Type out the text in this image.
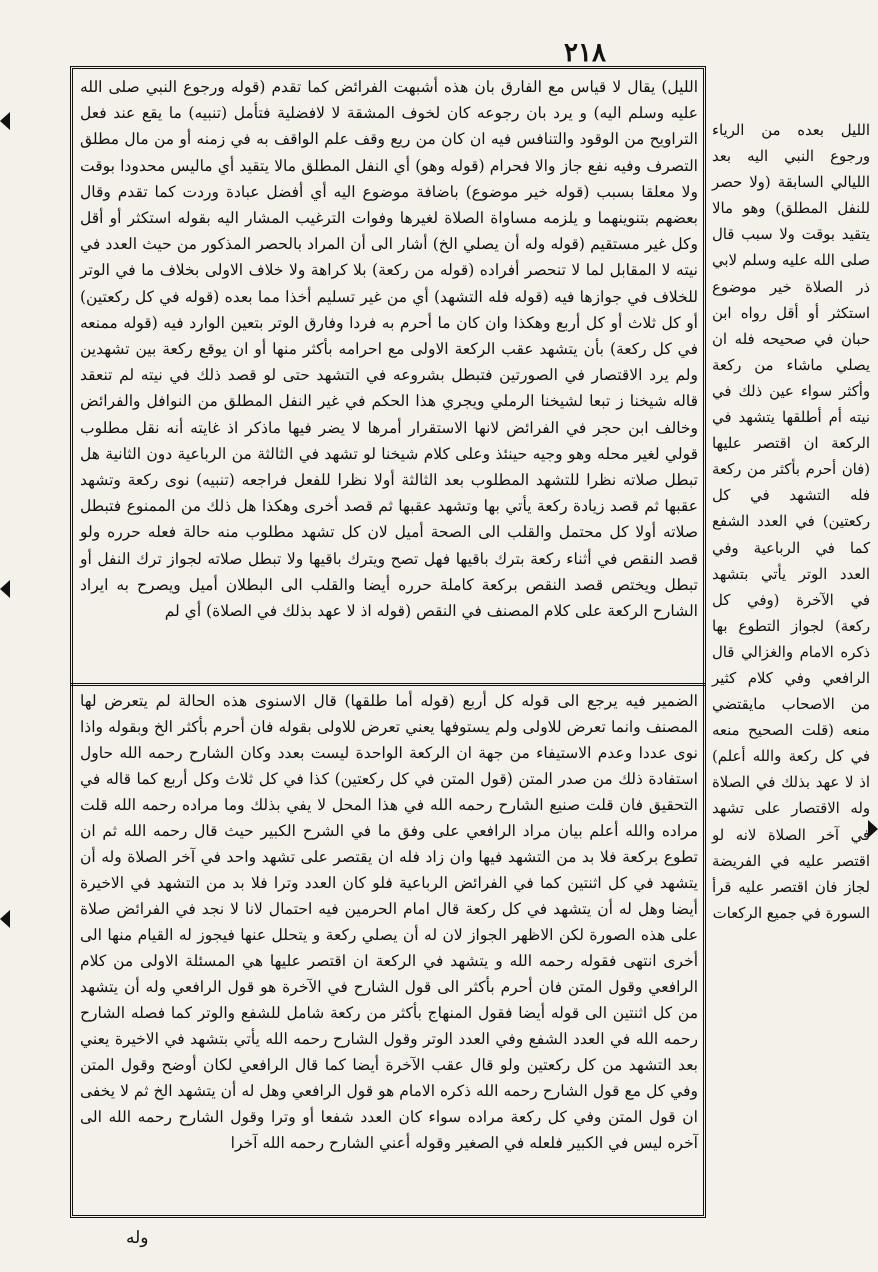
٢١٨
الليل) يقال لا قياس مع الفارق بان هذه أشبهت الفرائض كما تقدم (قوله ورجوع النبي صلى الله عليه وسلم اليه) و يرد بان رجوعه كان لخوف المشقة لا لافضلية فتأمل (تنبيه) ما يقع عند فعل التراويح من الوقود والتنافس فيه ان كان من ريع وقف علم الواقف به في زمنه أو من مال مطلق التصرف وفيه نفع جاز والا فحرام (قوله وهو) أي النفل المطلق مالا يتقيد أي ماليس محدودا بوقت ولا معلقا بسبب (قوله خير موضوع) باضافة موضوع اليه أي أفضل عبادة وردت كما تقدم وقال بعضهم بتنوينهما و يلزمه مساواة الصلاة لغيرها وفوات الترغيب المشار اليه بقوله استكثر أو أقل وكل غير مستقيم (قوله وله أن يصلي الخ) أشار الى أن المراد بالحصر المذكور من حيث العدد في نيته لا المقابل لما لا تنحصر أفراده (قوله من ركعة) بلا كراهة ولا خلاف الاولى بخلاف ما في الوتر للخلاف في جوازها فيه (قوله فله التشهد) أي من غير تسليم أخذا مما بعده (قوله في كل ركعتين) أو كل ثلاث أو كل أربع وهكذا وان كان ما أحرم به فردا وفارق الوتر بتعين الوارد فيه (قوله ممنعه في كل ركعة) بأن يتشهد عقب الركعة الاولى مع احرامه بأكثر منها أو ان يوقع ركعة بين تشهدين ولم يرد الاقتصار في الصورتين فتبطل بشروعه في التشهد حتى لو قصد ذلك في نيته لم تنعقد قاله شيخنا ز تبعا لشيخنا الرملي ويجري هذا الحكم في غير النفل المطلق من النوافل والفرائض وخالف ابن حجر في الفرائض لانها الاستقرار أمرها لا يضر فيها ماذكر اذ غايته أنه نقل مطلوب قولي لغير محله وهو وجيه حينئذ وعلى كلام شيخنا لو تشهد في الثالثة من الرباعية دون الثانية هل تبطل صلاته نظرا للتشهد المطلوب بعد الثالثة أولا نظرا للفعل فراجعه (تنبيه) نوى ركعة وتشهد عقبها ثم قصد زيادة ركعة يأتي بها وتشهد عقبها ثم قصد أخرى وهكذا هل ذلك من الممنوع فتبطل صلاته أولا كل محتمل والقلب الى الصحة أميل لان كل تشهد مطلوب منه حالة فعله حرره ولو قصد النقص في أثناء ركعة بترك باقيها فهل تصح ويترك باقيها ولا تبطل صلاته لجواز ترك النفل أو تبطل ويختص قصد النقص بركعة كاملة حرره أيضا والقلب الى البطلان أميل ويصرح به ايراد الشارح الركعة على كلام المصنف في النقص (قوله اذ لا عهد بذلك في الصلاة) أي لم
الضمير فيه يرجع الى قوله كل أربع (قوله أما طلقها) قال الاسنوى هذه الحالة لم يتعرض لها المصنف وانما تعرض للاولى ولم يستوفها يعني تعرض للاولى بقوله فان أحرم بأكثر الخ وبقوله واذا نوى عددا وعدم الاستيفاء من جهة ان الركعة الواحدة ليست بعدد وكان الشارح رحمه الله حاول استفادة ذلك من صدر المتن (قول المتن في كل ركعتين) كذا في كل ثلاث وكل أربع كما قاله في التحقيق فان قلت صنيع الشارح رحمه الله في هذا المحل لا يفي بذلك وما مراده رحمه الله قلت مراده والله أعلم بيان مراد الرافعي على وفق ما في الشرح الكبير حيث قال رحمه الله ثم ان تطوع بركعة فلا بد من التشهد فيها وان زاد فله ان يقتصر على تشهد واحد في آخر الصلاة وله أن يتشهد في كل اثنتين كما في الفرائض الرباعية فلو كان العدد وترا فلا بد من التشهد في الاخيرة أيضا وهل له أن يتشهد في كل ركعة قال امام الحرمين فيه احتمال لانا لا نجد في الفرائض صلاة على هذه الصورة لكن الاظهر الجواز لان له أن يصلي ركعة و يتحلل عنها فيجوز له القيام منها الى أخرى انتهى فقوله رحمه الله و يتشهد في الركعة ان اقتصر عليها هي المسئلة الاولى من كلام الرافعي وقول المتن فان أحرم بأكثر الى قول الشارح في الآخرة هو قول الرافعي وله أن يتشهد من كل اثنتين الى قوله أيضا فقول المنهاج بأكثر من ركعة شامل للشفع والوتر كما فصله الشارح رحمه الله في العدد الشفع وفي العدد الوتر وقول الشارح رحمه الله يأتي بتشهد في الاخيرة يعني بعد التشهد من كل ركعتين ولو قال عقب الآخرة أيضا كما قال الرافعي لكان أوضح وقول المتن وفي كل مع قول الشارح رحمه الله ذكره الامام هو قول الرافعي وهل له أن يتشهد الخ ثم لا يخفى ان قول المتن وفي كل ركعة مراده سواء كان العدد شفعا أو وترا وقول الشارح رحمه الله الى آخره ليس في الكبير فلعله في الصغير وقوله أعني الشارح رحمه الله آخرا
الليل بعده من الرياء ورجوع النبي اليه بعد الليالي السابقة (ولا حصر للنفل المطلق) وهو مالا يتقيد بوقت ولا سبب قال صلى الله عليه وسلم لابي ذر الصلاة خير موضوع استكثر أو أقل رواه ابن حبان في صحيحه فله ان يصلي ماشاء من ركعة وأكثر سواء عين ذلك في نيته أم أطلقها يتشهد في الركعة ان اقتصر عليها (فان أحرم بأكثر من ركعة فله التشهد في كل ركعتين) في العدد الشفع كما في الرباعية وفي العدد الوتر يأتي بتشهد في الآخرة (وفي كل ركعة) لجواز التطوع بها ذكره الامام والغزالي قال الرافعي وفي كلام كثير من الاصحاب مايقتضي منعه (قلت الصحيح منعه في كل ركعة والله أعلم) اذ لا عهد بذلك في الصلاة وله الاقتصار على تشهد في آخر الصلاة لانه لو اقتصر عليه في الفريضة لجاز فان اقتصر عليه قرأ السورة في جميع الركعات
وله
